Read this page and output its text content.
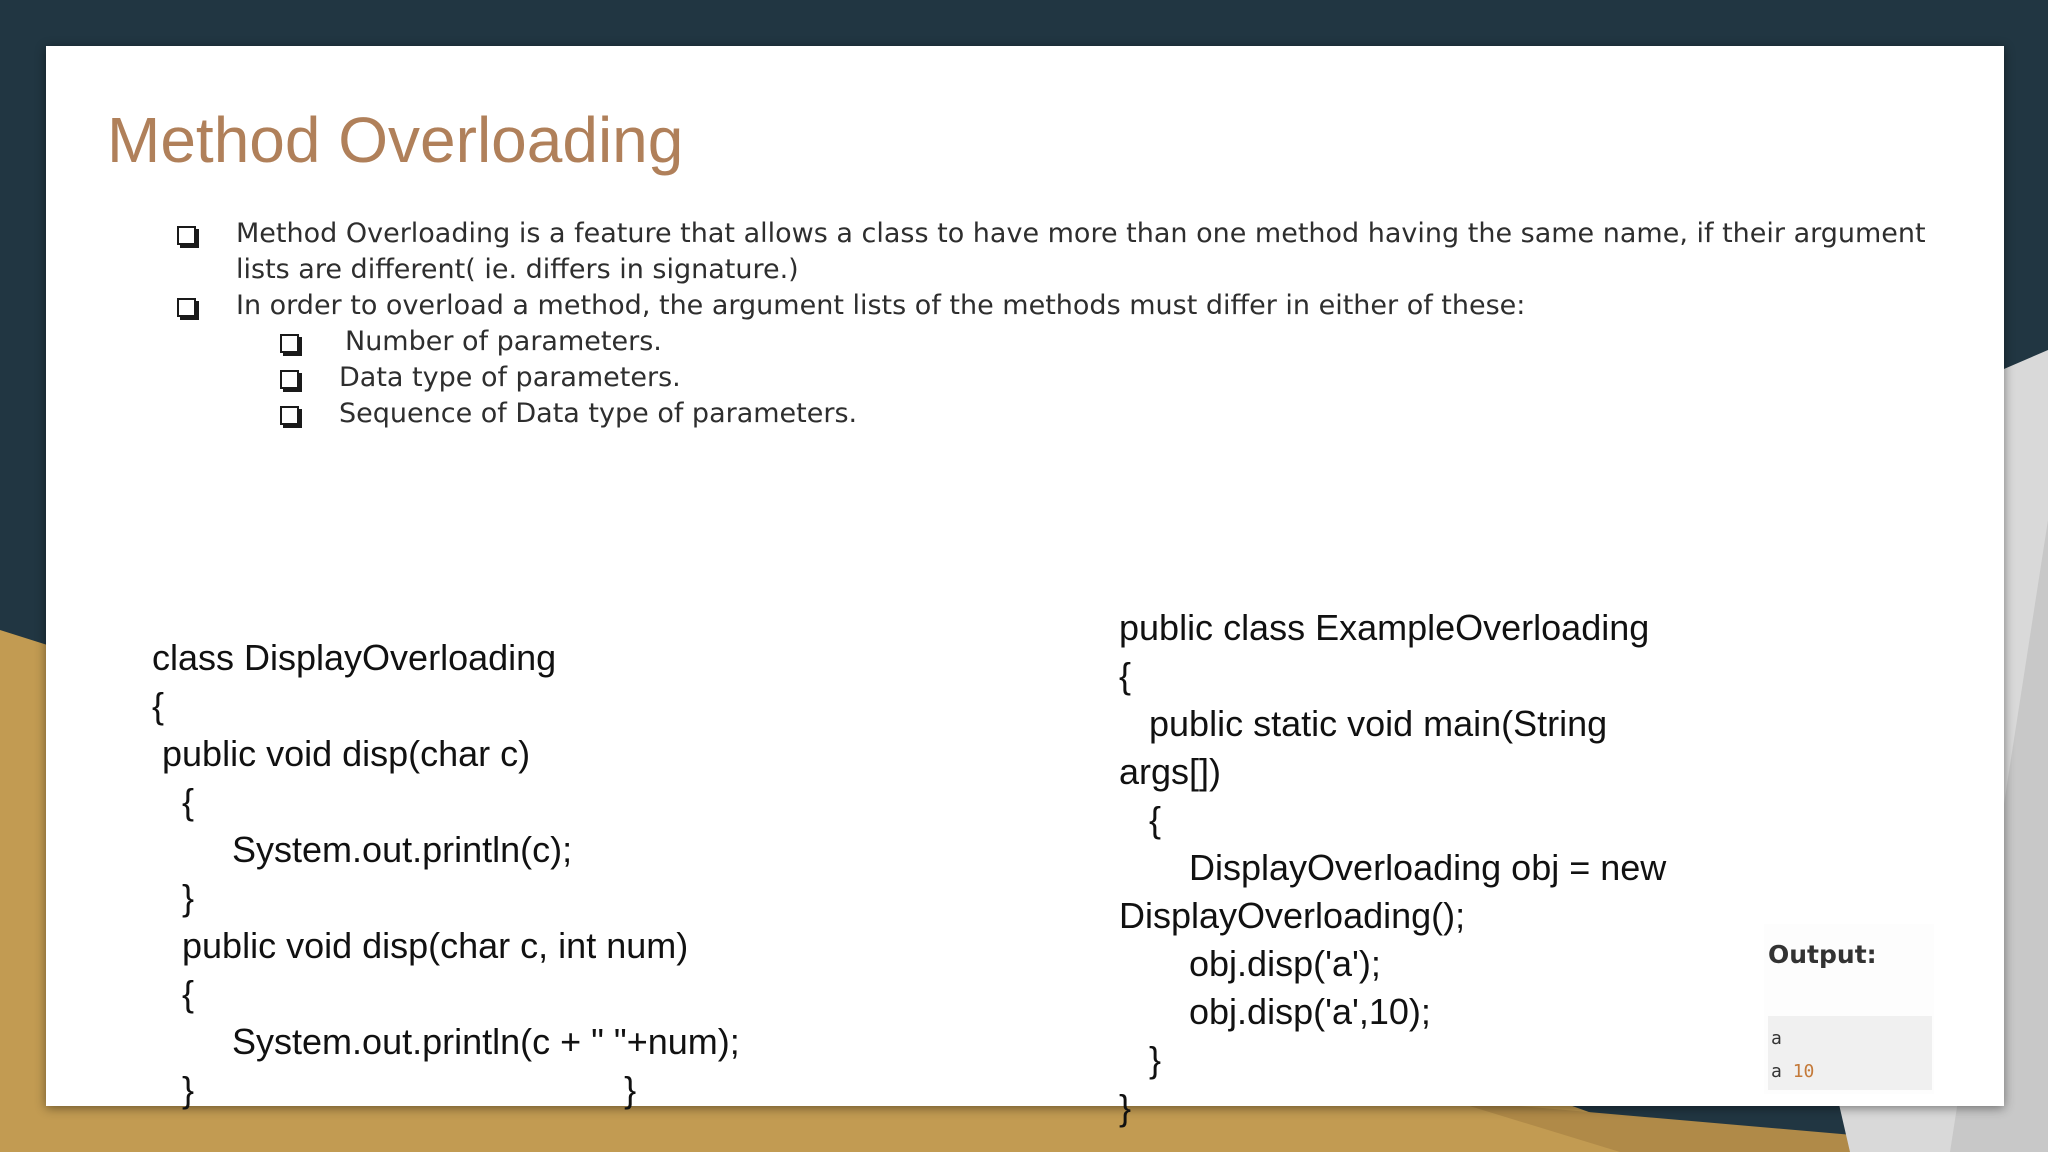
Method Overloading
Method Overloading is a feature that allows a class to have more than one method having the same name, if their argument lists are different( ie. differs in signature.)
In order to overload a method, the argument lists of the methods must differ in either of these:
Number of parameters.
Data type of parameters.
Sequence of Data type of parameters.
class DisplayOverloading
{
public void disp(char c)
{
System.out.println(c);
}
public void disp(char c, int num)
{
System.out.println(c + " "+num);
}                                           }
public class ExampleOverloading
{
public static void main(String
args[])
{
DisplayOverloading obj = new
DisplayOverloading();
obj.disp('a');
obj.disp('a',10);
}
}
Output:
a
a 10
